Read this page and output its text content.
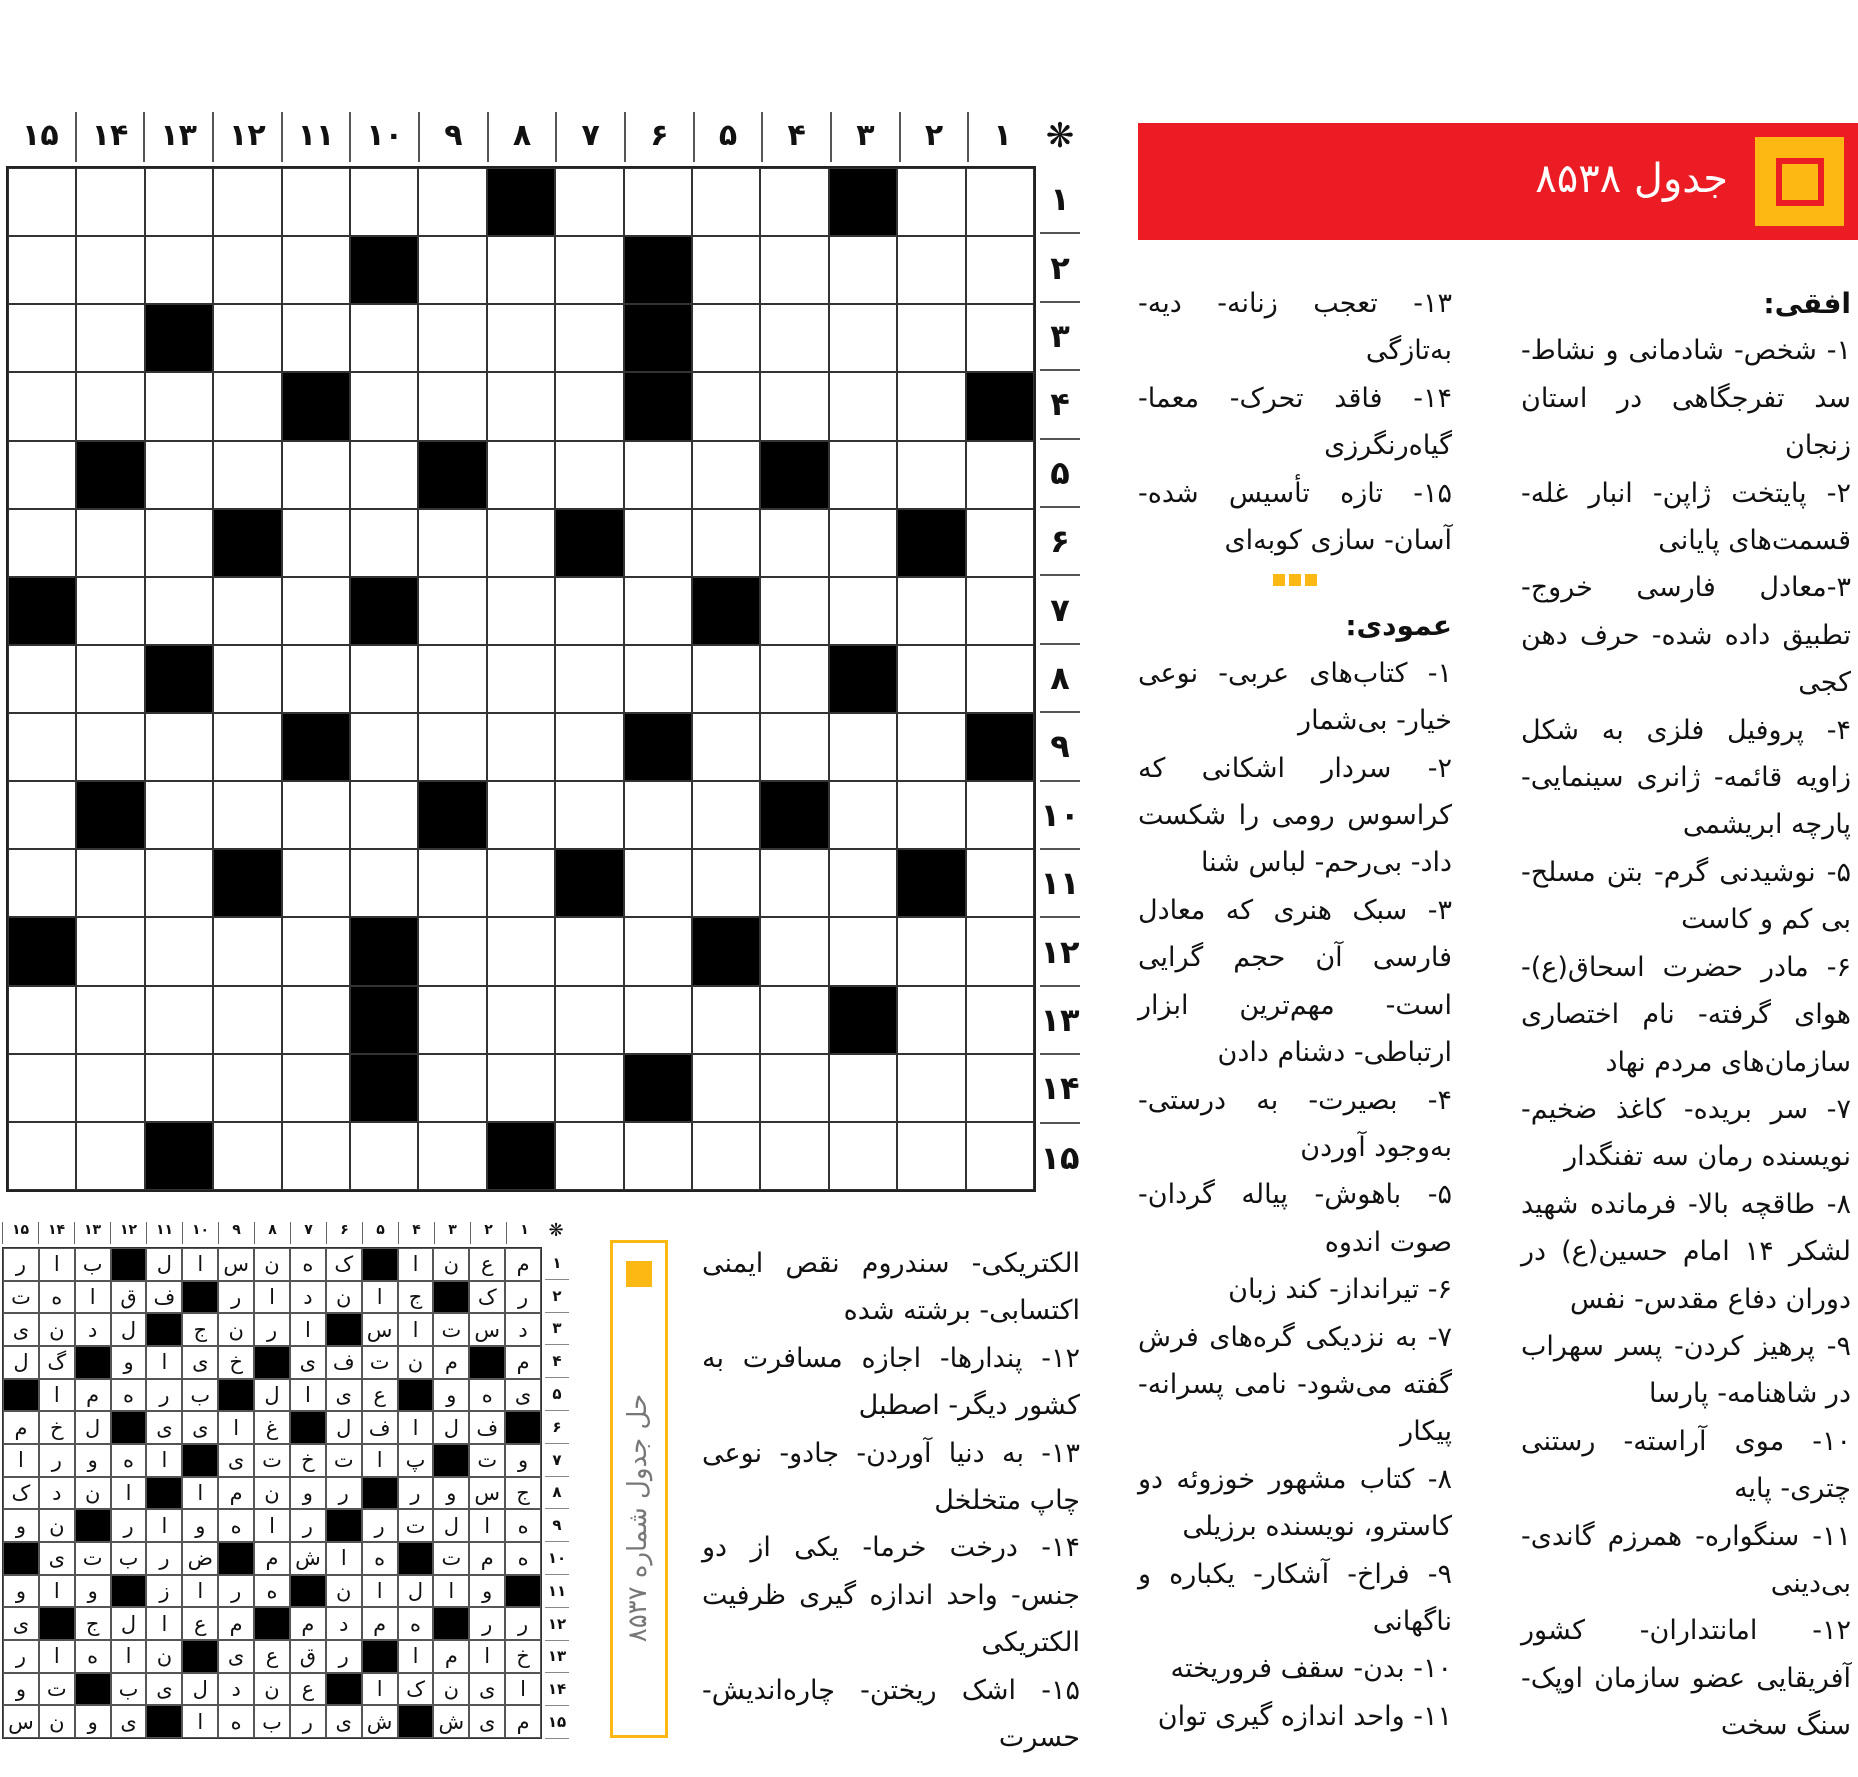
❋
۱
۲
۳
۴
۵
۶
۷
۸
۹
۱۰
۱۱
۱۲
۱۳
۱۴
۱۵
۱
۲
۳
۴
۵
۶
۷
۸
۹
۱۰
۱۱
۱۲
۱۳
۱۴
۱۵
جدول ۸۵۳۸
افقی:
۱- شخص- شادمانی و نشاط- سد تفرجگاهی در استان زنجان
۲- پایتخت ژاپن- انبار غله- قسمت‌های پایانی
۳-معادل فارسی خروج- تطبیق داده شده- حرف دهن کجی
۴- پروفیل فلزی به شکل زاویه قائمه- ژانری سینمایی- پارچه ابریشمی
۵- نوشیدنی گرم- بتن مسلح- بی کم و کاست
۶- مادر حضرت اسحاق(ع)- هوای گرفته- نام اختصاری سازمان‌های مردم نهاد
۷- سر بریده- کاغذ ضخیم- نویسنده رمان سه تفنگدار
۸- طاقچه بالا- فرمانده شهید لشکر ۱۴ امام حسین(ع) در دوران دفاع مقدس- نفس
۹- پرهیز کردن- پسر سهراب در شاهنامه- پارسا
۱۰- موی آراسته- رستنی چتری- پایه
۱۱- سنگواره- همرزم گاندی- بی‌دینی
۱۲- امانتداران- کشور آفریقایی عضو سازمان اوپک- سنگ سخت
۱۳- تعجب زنانه- دیه- به‌تازگی
۱۴- فاقد تحرک- معما- گیاه‌رنگرزی
۱۵- تازه تأسیس شده- آسان- سازی کوبه‌ای
عمودی:
۱- کتاب‌های عربی- نوعی خیار- بی‌شمار
۲- سردار اشکانی که کراسوس رومی را شکست داد- بی‌رحم- لباس شنا
۳- سبک هنری که معادل فارسی آن حجم گرایی است- مهم‌ترین ابزار ارتباطی- دشنام دادن
۴- بصیرت- به درستی- به‌وجود آوردن
۵- باهوش- پیاله گردان- صوت اندوه
۶- تیرانداز- کند زبان
۷- به نزدیکی گره‌های فرش گفته می‌شود- نامی پسرانه- پیکار
۸- کتاب مشهور خوزوئه دو کاسترو، نویسنده برزیلی
۹- فراخ- آشکار- یکباره و ناگهانی
۱۰- بدن- سقف فروریخته
۱۱- واحد اندازه گیری توان
الکتریکی- سندروم نقص ایمنی اکتسابی- برشته شده
۱۲- پندارها- اجازه مسافرت به کشور دیگر- اصطبل
۱۳- به دنیا آوردن- جادو- نوعی چاپ متخلخل
۱۴- درخت خرما- یکی از دو جنس- واحد اندازه گیری ظرفیت الکتریکی
۱۵- اشک ریختن- چاره‌اندیش- حسرت
حل جدول شماره ۸۵۳۷
❋
۱
۲
۳
۴
۵
۶
۷
۸
۹
۱۰
۱۱
۱۲
۱۳
۱۴
۱۵
م
ع
ن
ا
ک
ه
ن
س
ا
ل
ب
ا
ر
ر
ک
ج
ا
ن
د
ا
ر
ف
ق
ا
ه
ت
د
س
ت
ا
س
ا
ر
ن
ج
ل
د
ن
ی
م
م
ن
ت
ف
ی
خ
ی
ا
و
گ
ل
ی
ه
و
ع
ی
ا
ل
ب
ر
ه
م
ا
ف
ل
ا
ف
ل
غ
ا
ی
ی
ل
خ
م
و
ت
پ
ا
ت
خ
ت
ی
ا
ه
و
ر
ا
ج
س
و
ر
ر
و
ن
م
ا
ا
ن
د
ک
ه
ا
ل
ت
ر
ر
ا
ه
و
ا
ر
ن
و
ه
م
ت
ه
ا
ش
م
ض
ر
ب
ت
ی
و
ا
ل
ا
ن
ه
ر
ا
ز
و
ا
و
ر
ر
ه
م
د
م
م
ع
ا
ل
ج
ی
خ
ا
م
ا
ر
ق
ع
ی
ن
ا
ه
ا
ر
ا
ی
ن
ک
ا
ع
ن
د
ل
ی
ب
ت
و
م
ی
ش
ش
ی
ر
ب
ه
ا
ی
و
ن
س
۱
۲
۳
۴
۵
۶
۷
۸
۹
۱۰
۱۱
۱۲
۱۳
۱۴
۱۵
